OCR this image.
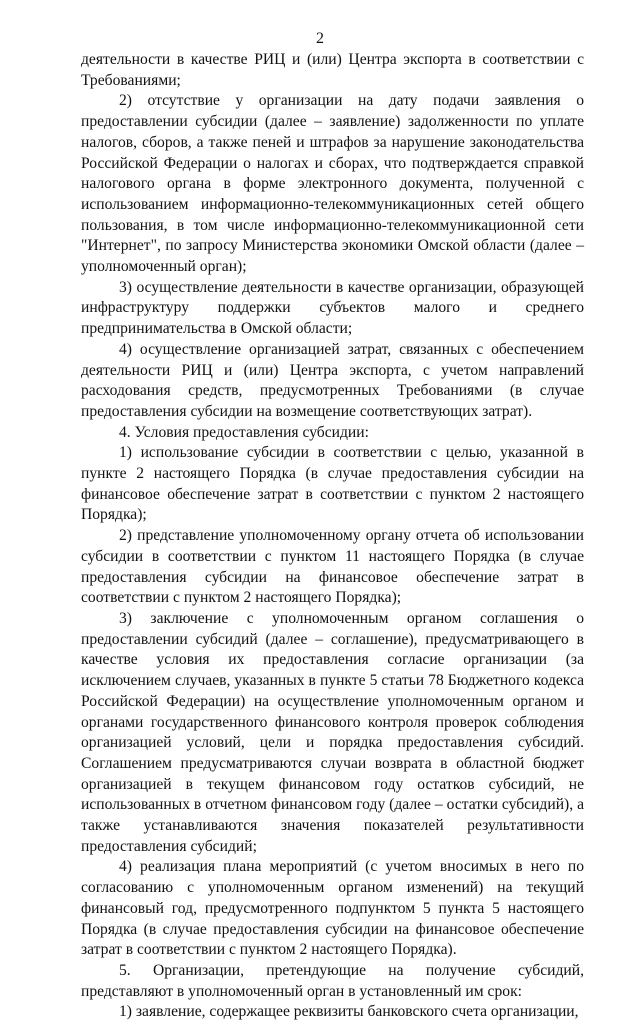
2

деятельности в качестве РИЦ и (или) Центра экспорта в соответствии с Требованиями;

2) отсутствие у организации на дату подачи заявления о предоставлении субсидии (далее – заявление) задолженности по уплате налогов, сборов, а также пеней и штрафов за нарушение законодательства Российской Федерации о налогах и сборах, что подтверждается справкой налогового органа в форме электронного документа, полученной с использованием информационно-телекоммуникационных сетей общего пользования, в том числе информационно-телекоммуникационной сети "Интернет", по запросу Министерства экономики Омской области (далее – уполномоченный орган);

3) осуществление деятельности в качестве организации, образующей инфраструктуру поддержки субъектов малого и среднего предпринимательства в Омской области;

4) осуществление организацией затрат, связанных с обеспечением деятельности РИЦ и (или) Центра экспорта, с учетом направлений расходования средств, предусмотренных Требованиями (в случае предоставления субсидии на возмещение соответствующих затрат).

4. Условия предоставления субсидии:

1) использование субсидии в соответствии с целью, указанной в пункте 2 настоящего Порядка (в случае предоставления субсидии на финансовое обеспечение затрат в соответствии с пунктом 2 настоящего Порядка);

2) представление уполномоченному органу отчета об использовании субсидии в соответствии с пунктом 11 настоящего Порядка (в случае предоставления субсидии на финансовое обеспечение затрат в соответствии с пунктом 2 настоящего Порядка);

3) заключение с уполномоченным органом соглашения о предоставлении субсидий (далее – соглашение), предусматривающего в качестве условия их предоставления согласие организации (за исключением случаев, указанных в пункте 5 статьи 78 Бюджетного кодекса Российской Федерации) на осуществление уполномоченным органом и органами государственного финансового контроля проверок соблюдения организацией условий, цели и порядка предоставления субсидий. Соглашением предусматриваются случаи возврата в областной бюджет организацией в текущем финансовом году остатков субсидий, не использованных в отчетном финансовом году (далее – остатки субсидий), а также устанавливаются значения показателей результативности предоставления субсидий;

4) реализация плана мероприятий (с учетом вносимых в него по согласованию с уполномоченным органом изменений) на текущий финансовый год, предусмотренного подпунктом 5 пункта 5 настоящего Порядка (в случае предоставления субсидии на финансовое обеспечение затрат в соответствии с пунктом 2 настоящего Порядка).

5. Организации, претендующие на получение субсидий, представляют в уполномоченный орган в установленный им срок:

1) заявление, содержащее реквизиты банковского счета организации,
